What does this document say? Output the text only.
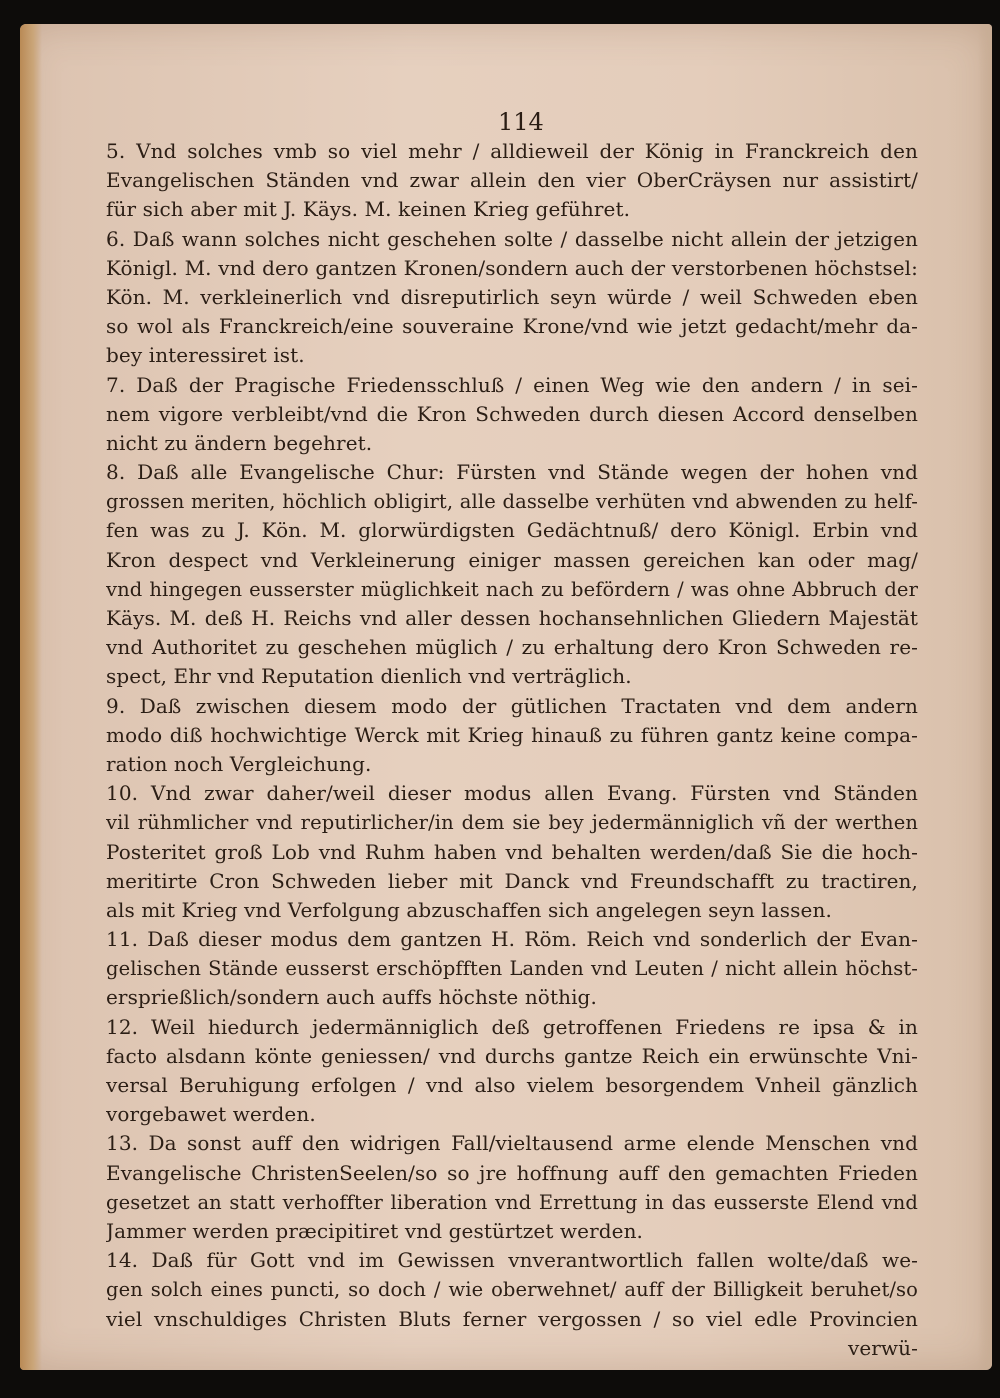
114
5. Vnd solches vmb so viel mehr / alldieweil der König in Franckreich den
Evangelischen Ständen vnd zwar allein den vier OberCräysen nur assistirt/
für sich aber mit J. Käys. M. keinen Krieg geführet.
6. Daß wann solches nicht geschehen solte / dasselbe nicht allein der jetzigen
Königl. M. vnd dero gantzen Kronen/sondern auch der verstorbenen höchstsel:
Kön. M. verkleinerlich vnd disreputirlich seyn würde / weil Schweden eben
so wol als Franckreich/eine souveraine Krone/vnd wie jetzt gedacht/mehr da-
bey interessiret ist.
7. Daß der Pragische Friedensschluß / einen Weg wie den andern / in sei-
nem vigore verbleibt/vnd die Kron Schweden durch diesen Accord denselben
nicht zu ändern begehret.
8. Daß alle Evangelische Chur: Fürsten vnd Stände wegen der hohen vnd
grossen meriten, höchlich obligirt, alle dasselbe verhüten vnd abwenden zu helf-
fen was zu J. Kön. M. glorwürdigsten Gedächtnuß/ dero Königl. Erbin vnd
Kron despect vnd Verkleinerung einiger massen gereichen kan oder mag/
vnd hingegen eusserster müglichkeit nach zu befördern / was ohne Abbruch der
Käys. M. deß H. Reichs vnd aller dessen hochansehnlichen Gliedern Majestät
vnd Authoritet zu geschehen müglich / zu erhaltung dero Kron Schweden re-
spect, Ehr vnd Reputation dienlich vnd verträglich.
9. Daß zwischen diesem modo der gütlichen Tractaten vnd dem andern
modo diß hochwichtige Werck mit Krieg hinauß zu führen gantz keine compa-
ration noch Vergleichung.
10. Vnd zwar daher/weil dieser modus allen Evang. Fürsten vnd Ständen
vil rühmlicher vnd reputirlicher/in dem sie bey jedermänniglich vñ der werthen
Posteritet groß Lob vnd Ruhm haben vnd behalten werden/daß Sie die hoch-
meritirte Cron Schweden lieber mit Danck vnd Freundschafft zu tractiren,
als mit Krieg vnd Verfolgung abzuschaffen sich angelegen seyn lassen.
11. Daß dieser modus dem gantzen H. Röm. Reich vnd sonderlich der Evan-
gelischen Stände eusserst erschöpfften Landen vnd Leuten / nicht allein höchst-
ersprießlich/sondern auch auffs höchste nöthig.
12. Weil hiedurch jedermänniglich deß getroffenen Friedens re ipsa & in
facto alsdann könte geniessen/ vnd durchs gantze Reich ein erwünschte Vni-
versal Beruhigung erfolgen / vnd also vielem besorgendem Vnheil gänzlich
vorgebawet werden.
13. Da sonst auff den widrigen Fall/vieltausend arme elende Menschen vnd
Evangelische ChristenSeelen/so so jre hoffnung auff den gemachten Frieden
gesetzet an statt verhoffter liberation vnd Errettung in das eusserste Elend vnd
Jammer werden præcipitiret vnd gestürtzet werden.
14. Daß für Gott vnd im Gewissen vnverantwortlich fallen wolte/daß we-
gen solch eines puncti, so doch / wie oberwehnet/ auff der Billigkeit beruhet/so
viel vnschuldiges Christen Bluts ferner vergossen / so viel edle Provincien
verwü-
